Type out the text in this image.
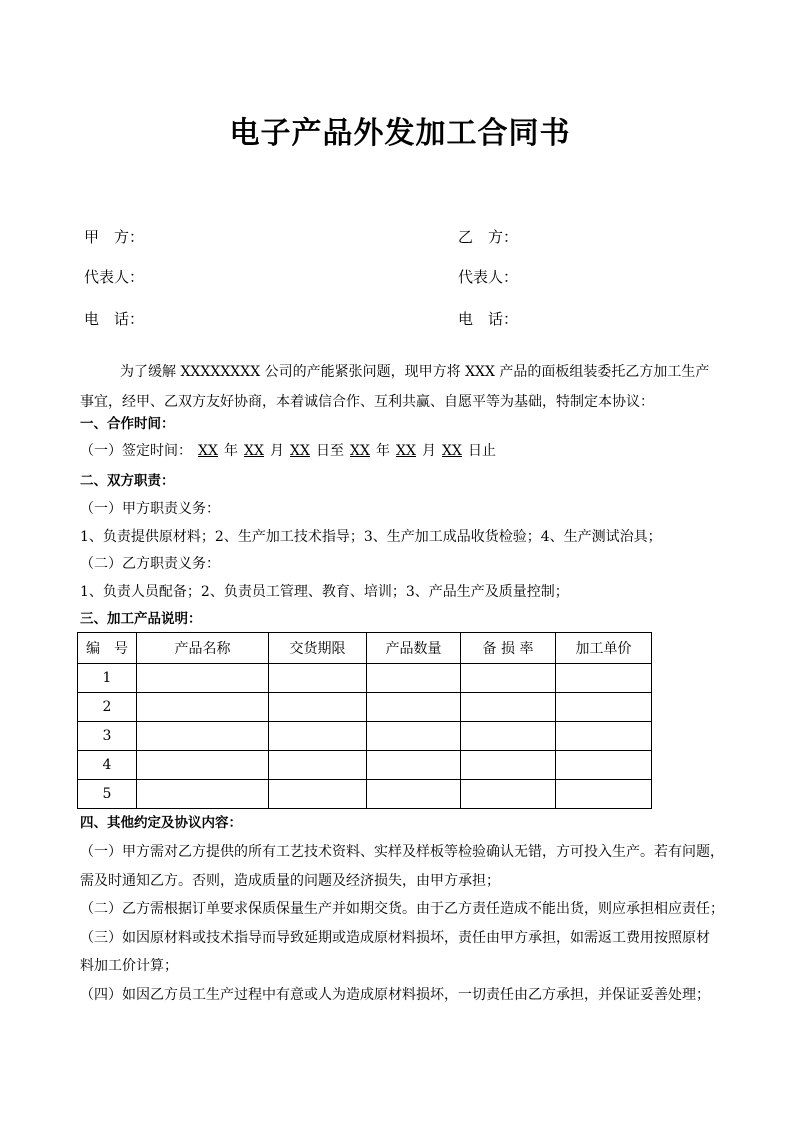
电子产品外发加工合同书
甲　方：	乙　方：
代表人：	代表人：
电　话：	电　话：
为了缓解 XXXXXXXX 公司的产能紧张问题，现甲方将 XXX 产品的面板组装委托乙方加工生产事宜，经甲、乙双方友好协商，本着诚信合作、互利共赢、自愿平等为基础，特制定本协议：
一、合作时间：
（一）签定时间： XX 年 XX 月 XX 日至 XX 年 XX 月 XX 日止
二、双方职责：
（一）甲方职责义务：
1、负责提供原材料；2、生产加工技术指导；3、生产加工成品收货检验；4、生产测试治具；
（二）乙方职责义务：
1、负责人员配备；2、负责员工管理、教育、培训；3、产品生产及质量控制；
三、加工产品说明：
编　号	产品名称	交货期限	产品数量	备 损 率	加工单价
1					
2					
3					
4					
5					
四、其他约定及协议内容：
（一）甲方需对乙方提供的所有工艺技术资料、实样及样板等检验确认无错，方可投入生产。若有问题，
需及时通知乙方。否则，造成质量的问题及经济损失，由甲方承担；
（二）乙方需根据订单要求保质保量生产并如期交货。由于乙方责任造成不能出货，则应承担相应责任；
（三）如因原材料或技术指导而导致延期或造成原材料损坏，责任由甲方承担，如需返工费用按照原材
料加工价计算；
（四）如因乙方员工生产过程中有意或人为造成原材料损坏，一切责任由乙方承担，并保证妥善处理；
